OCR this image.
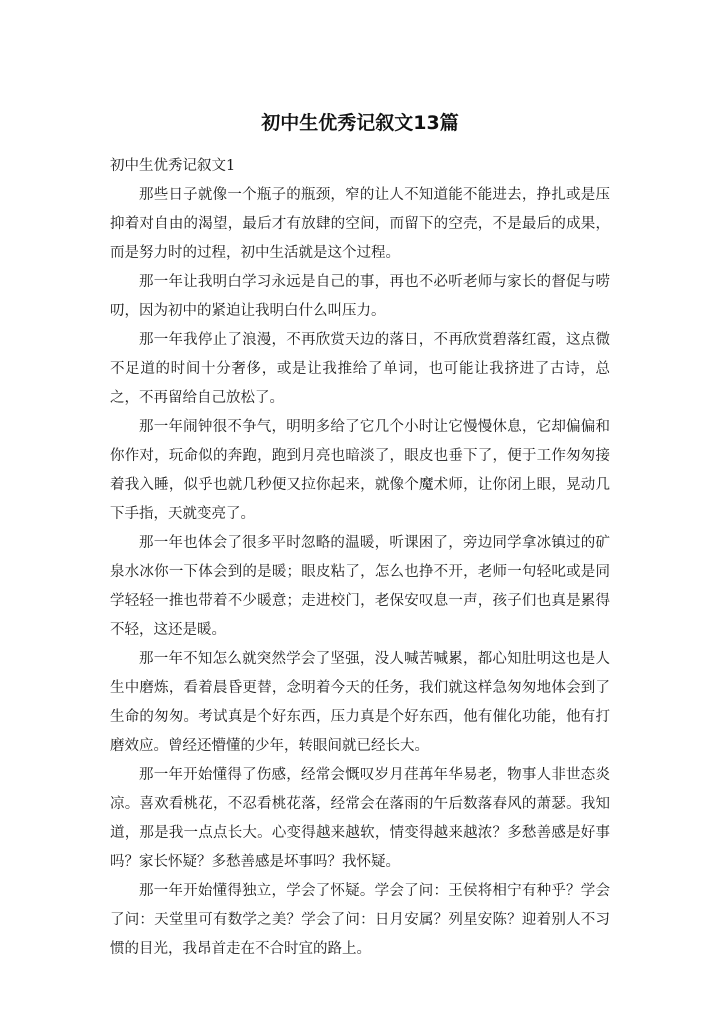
初中生优秀记叙文13篇

初中生优秀记叙文1

那些日子就像一个瓶子的瓶颈，窄的让人不知道能不能进去，挣扎或是压抑着对自由的渴望，最后才有放肆的空间，而留下的空壳，不是最后的成果，而是努力时的过程，初中生活就是这个过程。

那一年让我明白学习永远是自己的事，再也不必听老师与家长的督促与唠叨，因为初中的紧迫让我明白什么叫压力。

那一年我停止了浪漫，不再欣赏天边的落日，不再欣赏碧落红霞，这点微不足道的时间十分奢侈，或是让我推给了单词，也可能让我挤进了古诗，总之，不再留给自己放松了。

那一年闹钟很不争气，明明多给了它几个小时让它慢慢休息，它却偏偏和你作对，玩命似的奔跑，跑到月亮也暗淡了，眼皮也垂下了，便于工作匆匆接着我入睡，似乎也就几秒便又拉你起来，就像个魔术师，让你闭上眼，晃动几下手指，天就变亮了。

那一年也体会了很多平时忽略的温暖，听课困了，旁边同学拿冰镇过的矿泉水冰你一下体会到的是暖；眼皮粘了，怎么也挣不开，老师一句轻叱或是同学轻轻一推也带着不少暖意；走进校门，老保安叹息一声，孩子们也真是累得不轻，这还是暖。

那一年不知怎么就突然学会了坚强，没人喊苦喊累，都心知肚明这也是人生中磨炼，看着晨昏更替，念明着今天的任务，我们就这样急匆匆地体会到了生命的匆匆。考试真是个好东西，压力真是个好东西，他有催化功能，他有打磨效应。曾经还懵懂的少年，转眼间就已经长大。

那一年开始懂得了伤感，经常会慨叹岁月荏苒年华易老，物事人非世态炎凉。喜欢看桃花，不忍看桃花落，经常会在落雨的午后数落春风的萧瑟。我知道，那是我一点点长大。心变得越来越软，情变得越来越浓？多愁善感是好事吗？家长怀疑？多愁善感是坏事吗？我怀疑。

那一年开始懂得独立，学会了怀疑。学会了问：王侯将相宁有种乎？学会了问：天堂里可有数学之美？学会了问：日月安属？列星安陈？迎着别人不习惯的目光，我昂首走在不合时宜的路上。
